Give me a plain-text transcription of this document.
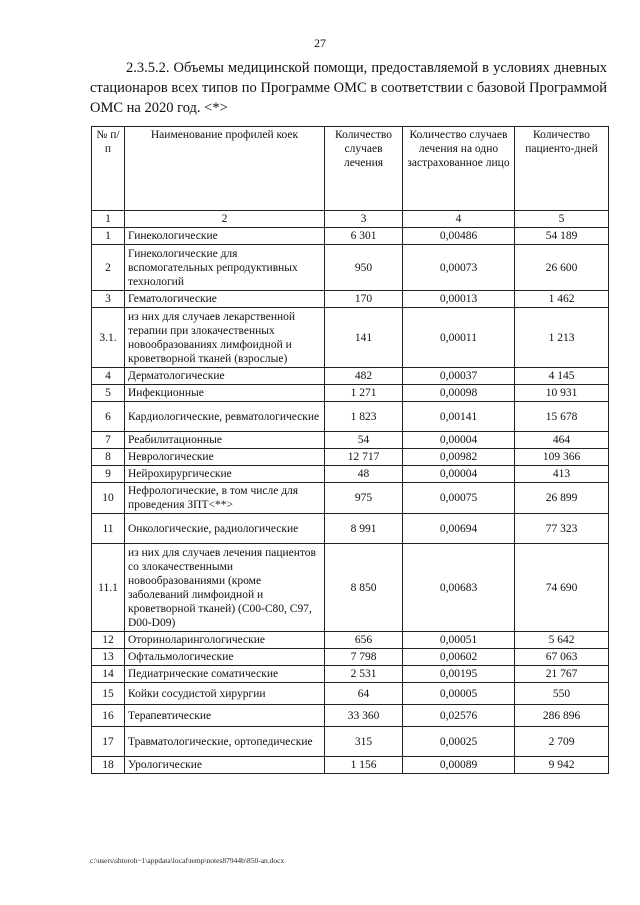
27
2.3.5.2. Объемы медицинской помощи, предоставляемой в условиях дневных стационаров всех типов по Программе ОМС в соответствии с базовой Программой ОМС на 2020 год. <*>
№ п/п	Наименование профилей коек	Количество случаев лечения	Количество случаев лечения на одно застрахованное лицо	Количество пациенто-дней
1	2	3	4	5
1	Гинекологические	6 301	0,00486	54 189
2	Гинекологические для вспомогательных репродуктивных технологий	950	0,00073	26 600
3	Гематологические	170	0,00013	1 462
3.1.	из них для случаев лекарственной терапии при злокачественных новообразованиях лимфоидной и кроветворной тканей (взрослые)	141	0,00011	1 213
4	Дерматологические	482	0,00037	4 145
5	Инфекционные	1 271	0,00098	10 931
6	Кардиологические, ревматологические	1 823	0,00141	15 678
7	Реабилитационные	54	0,00004	464
8	Неврологические	12 717	0,00982	109 366
9	Нейрохирургические	48	0,00004	413
10	Нефрологические, в том числе для проведения ЗПТ<**>	975	0,00075	26 899
11	Онкологические, радиологические	8 991	0,00694	77 323
11.1	из них для случаев лечения пациентов со злокачественными новообразованиями (кроме заболеваний лимфоидной и кроветворной тканей) (C00-C80, C97, D00-D09)	8 850	0,00683	74 690
12	Оториноларингологические	656	0,00051	5 642
13	Офтальмологические	7 798	0,00602	67 063
14	Педиатрические соматические	2 531	0,00195	21 767
15	Койки сосудистой хирургии	64	0,00005	550
16	Терапевтические	33 360	0,02576	286 896
17	Травматологические, ортопедические	315	0,00025	2 709
18	Урологические	1 156	0,00089	9 942
c:\users\shtoroh~1\appdata\local\temp\notes87944b\850-an.docx
